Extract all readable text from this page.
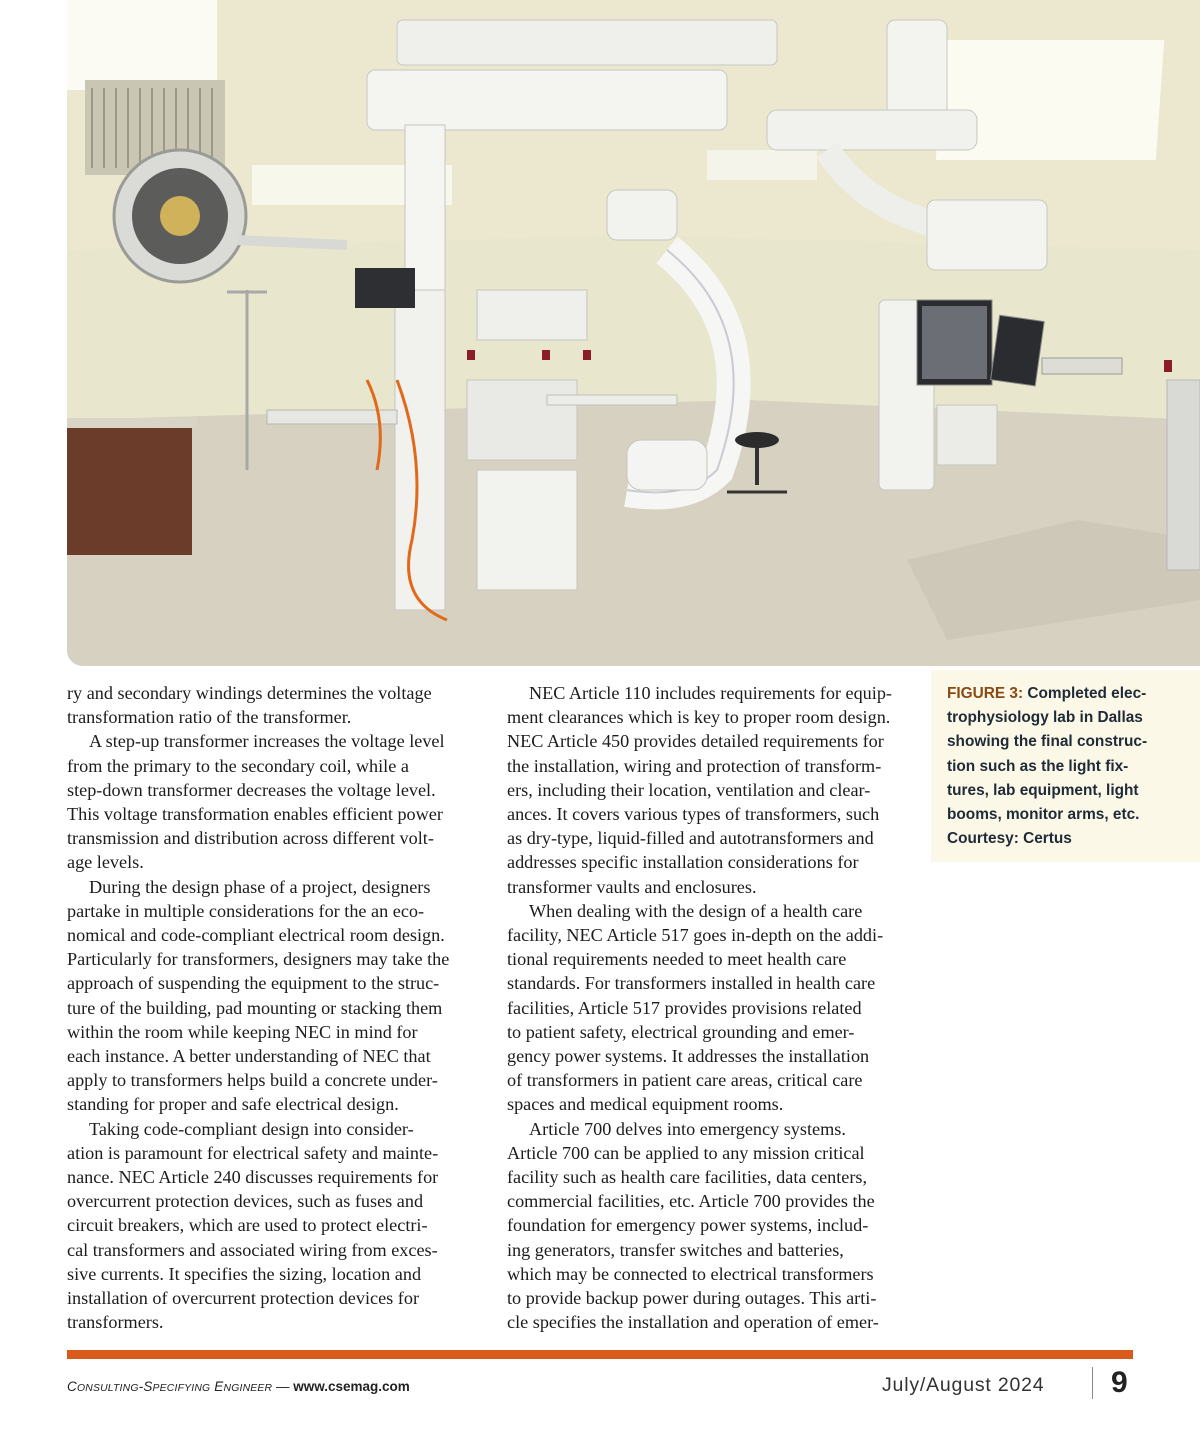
ry and secondary windings determines the voltage
transformation ratio of the transformer.
A step-up transformer increases the voltage level
from the primary to the secondary coil, while a
step-down transformer decreases the voltage level.
This voltage transformation enables efficient power
transmission and distribution across different volt-
age levels.
During the design phase of a project, designers
partake in multiple considerations for the an eco-
nomical and code-compliant electrical room design.
Particularly for transformers, designers may take the
approach of suspending the equipment to the struc-
ture of the building, pad mounting or stacking them
within the room while keeping NEC in mind for
each instance. A better understanding of NEC that
apply to transformers helps build a concrete under-
standing for proper and safe electrical design.
Taking code-compliant design into consider-
ation is paramount for electrical safety and mainte-
nance. NEC Article 240 discusses requirements for
overcurrent protection devices, such as fuses and
circuit breakers, which are used to protect electri-
cal transformers and associated wiring from exces-
sive currents. It specifies the sizing, location and
installation of overcurrent protection devices for
transformers.
NEC Article 110 includes requirements for equip-
ment clearances which is key to proper room design.
NEC Article 450 provides detailed requirements for
the installation, wiring and protection of transform-
ers, including their location, ventilation and clear-
ances. It covers various types of transformers, such
as dry-type, liquid-filled and autotransformers and
addresses specific installation considerations for
transformer vaults and enclosures.
When dealing with the design of a health care
facility, NEC Article 517 goes in-depth on the addi-
tional requirements needed to meet health care
standards. For transformers installed in health care
facilities, Article 517 provides provisions related
to patient safety, electrical grounding and emer-
gency power systems. It addresses the installation
of transformers in patient care areas, critical care
spaces and medical equipment rooms.
Article 700 delves into emergency systems.
Article 700 can be applied to any mission critical
facility such as health care facilities, data centers,
commercial facilities, etc. Article 700 provides the
foundation for emergency power systems, includ-
ing generators, transfer switches and batteries,
which may be connected to electrical transformers
to provide backup power during outages. This arti-
cle specifies the installation and operation of emer-
FIGURE 3: Completed elec-
trophysiology lab in Dallas
showing the final construc-
tion such as the light fix-
tures, lab equipment, light
booms, monitor arms, etc.
Courtesy: Certus
CONSULTING-SPECIFYING ENGINEER — www.csemag.com	July/August 2024 9
